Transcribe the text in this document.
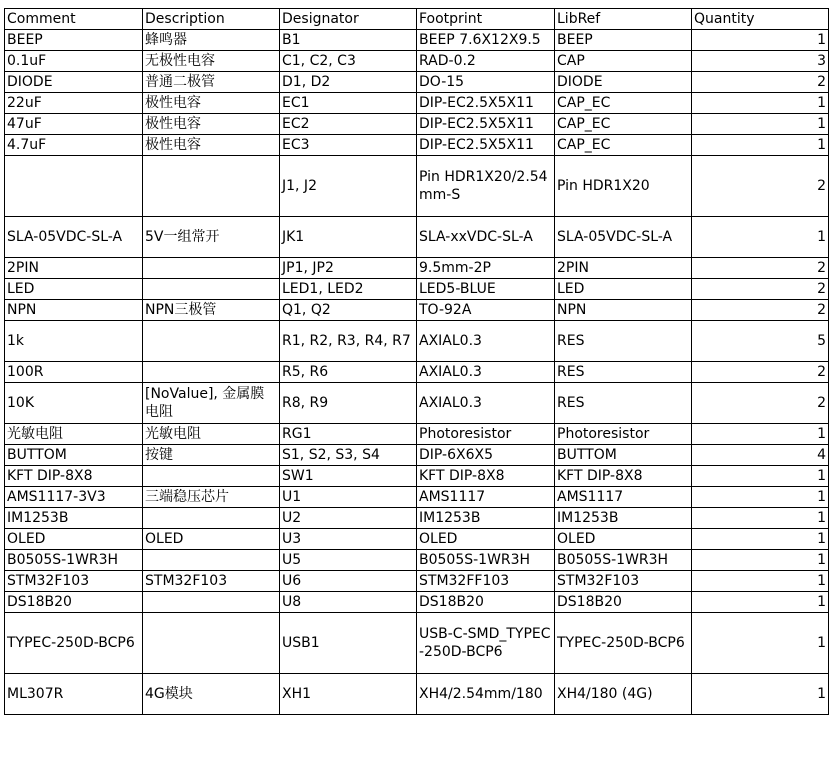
Comment	Description	Designator	Footprint	LibRef	Quantity
BEEP	蜂鸣器	B1	BEEP 7.6X12X9.5	BEEP	1
0.1uF	无极性电容	C1, C2, C3	RAD-0.2	CAP	3
DIODE	普通二极管	D1, D2	DO-15	DIODE	2
22uF	极性电容	EC1	DIP-EC2.5X5X11	CAP_EC	1
47uF	极性电容	EC2	DIP-EC2.5X5X11	CAP_EC	1
4.7uF	极性电容	EC3	DIP-EC2.5X5X11	CAP_EC	1
		J1, J2	Pin HDR1X20/2.54mm-S	Pin HDR1X20	2
SLA-05VDC-SL-A	5V一组常开	JK1	SLA-xxVDC-SL-A	SLA-05VDC-SL-A	1
2PIN		JP1, JP2	9.5mm-2P	2PIN	2
LED		LED1, LED2	LED5-BLUE	LED	2
NPN	NPN三极管	Q1, Q2	TO-92A	NPN	2
1k		R1, R2, R3, R4, R7	AXIAL0.3	RES	5
100R		R5, R6	AXIAL0.3	RES	2
10K	[NoValue], 金属膜电阻	R8, R9	AXIAL0.3	RES	2
光敏电阻	光敏电阻	RG1	Photoresistor	Photoresistor	1
BUTTOM	按键	S1, S2, S3, S4	DIP-6X6X5	BUTTOM	4
KFT DIP-8X8		SW1	KFT DIP-8X8	KFT DIP-8X8	1
AMS1117-3V3	三端稳压芯片	U1	AMS1117	AMS1117	1
IM1253B		U2	IM1253B	IM1253B	1
OLED	OLED	U3	OLED	OLED	1
B0505S-1WR3H		U5	B0505S-1WR3H	B0505S-1WR3H	1
STM32F103	STM32F103	U6	STM32FF103	STM32F103	1
DS18B20		U8	DS18B20	DS18B20	1
TYPEC-250D-BCP6		USB1	USB-C-SMD_TYPEC-250D-BCP6	TYPEC-250D-BCP6	1
ML307R	4G模块	XH1	XH4/2.54mm/180	XH4/180 (4G)	1
